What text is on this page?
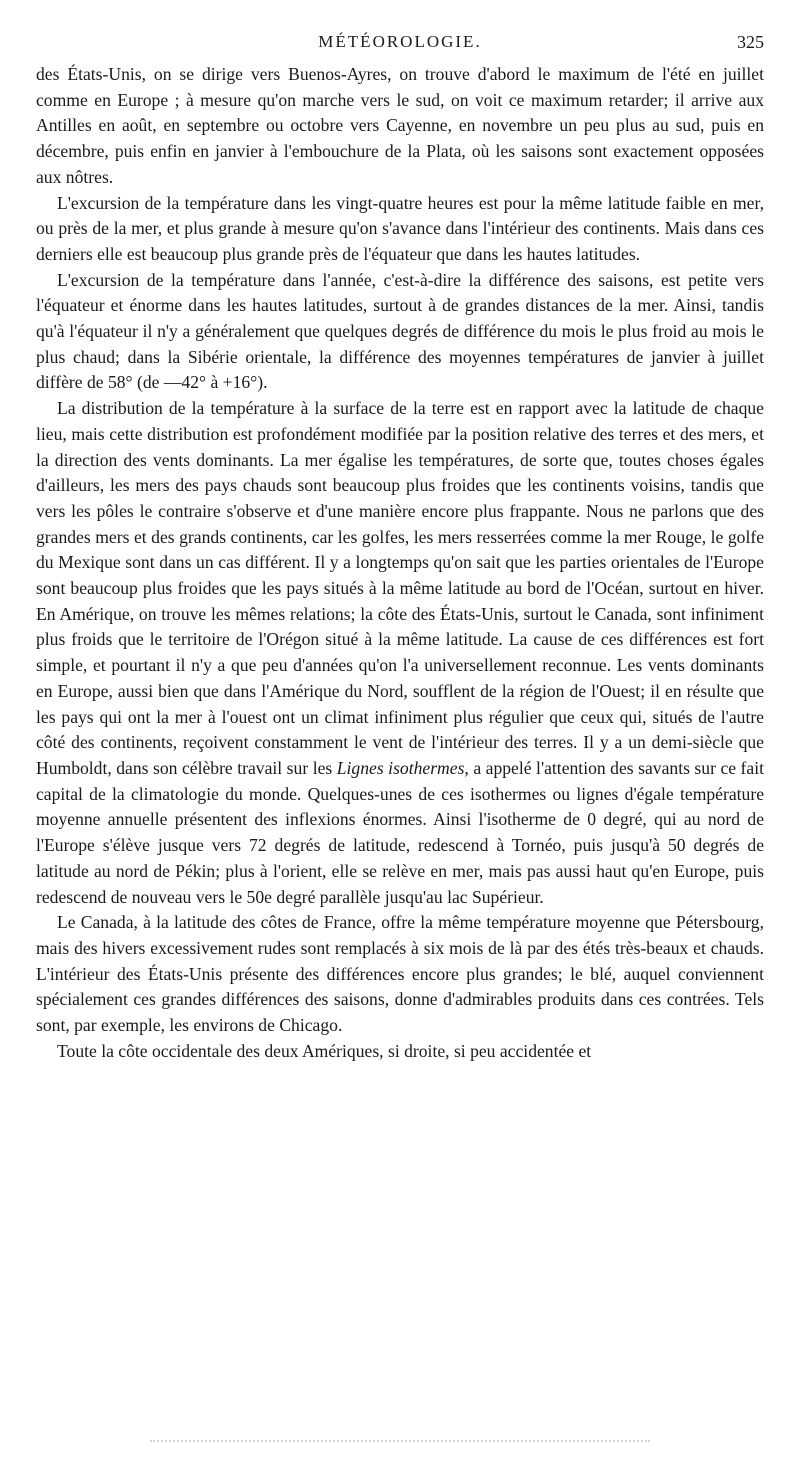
MÉTÉOROLOGIE.	325

des États-Unis, on se dirige vers Buenos-Ayres, on trouve d'abord le maximum de l'été en juillet comme en Europe ; à mesure qu'on marche vers le sud, on voit ce maximum retarder; il arrive aux Antilles en août, en septembre ou octobre vers Cayenne, en novembre un peu plus au sud, puis en décembre, puis enfin en janvier à l'embouchure de la Plata, où les saisons sont exactement opposées aux nôtres.

L'excursion de la température dans les vingt-quatre heures est pour la même latitude faible en mer, ou près de la mer, et plus grande à mesure qu'on s'avance dans l'intérieur des continents. Mais dans ces derniers elle est beaucoup plus grande près de l'équateur que dans les hautes latitudes.

L'excursion de la température dans l'année, c'est-à-dire la différence des saisons, est petite vers l'équateur et énorme dans les hautes latitudes, surtout à de grandes distances de la mer. Ainsi, tandis qu'à l'équateur il n'y a généralement que quelques degrés de différence du mois le plus froid au mois le plus chaud; dans la Sibérie orientale, la différence des moyennes températures de janvier à juillet diffère de 58° (de —42° à +16°).

La distribution de la température à la surface de la terre est en rapport avec la latitude de chaque lieu, mais cette distribution est profondément modifiée par la position relative des terres et des mers, et la direction des vents dominants. La mer égalise les températures, de sorte que, toutes choses égales d'ailleurs, les mers des pays chauds sont beaucoup plus froides que les continents voisins, tandis que vers les pôles le contraire s'observe et d'une manière encore plus frappante. Nous ne parlons que des grandes mers et des grands continents, car les golfes, les mers resserrées comme la mer Rouge, le golfe du Mexique sont dans un cas différent. Il y a longtemps qu'on sait que les parties orientales de l'Europe sont beaucoup plus froides que les pays situés à la même latitude au bord de l'Océan, surtout en hiver. En Amérique, on trouve les mêmes relations; la côte des États-Unis, surtout le Canada, sont infiniment plus froids que le territoire de l'Orégon situé à la même latitude. La cause de ces différences est fort simple, et pourtant il n'y a que peu d'années qu'on l'a universellement reconnue. Les vents dominants en Europe, aussi bien que dans l'Amérique du Nord, soufflent de la région de l'Ouest; il en résulte que les pays qui ont la mer à l'ouest ont un climat infiniment plus régulier que ceux qui, situés de l'autre côté des continents, reçoivent constamment le vent de l'intérieur des terres. Il y a un demi-siècle que Humboldt, dans son célèbre travail sur les Lignes isothermes, a appelé l'attention des savants sur ce fait capital de la climatologie du monde. Quelques-unes de ces isothermes ou lignes d'égale température moyenne annuelle présentent des inflexions énormes. Ainsi l'isotherme de 0 degré, qui au nord de l'Europe s'élève jusque vers 72 degrés de latitude, redescend à Tornéo, puis jusqu'à 50 degrés de latitude au nord de Pékin; plus à l'orient, elle se relève en mer, mais pas aussi haut qu'en Europe, puis redescend de nouveau vers le 50e degré parallèle jusqu'au lac Supérieur.

Le Canada, à la latitude des côtes de France, offre la même température moyenne que Pétersbourg, mais des hivers excessivement rudes sont remplacés à six mois de là par des étés très-beaux et chauds. L'intérieur des États-Unis présente des différences encore plus grandes; le blé, auquel conviennent spécialement ces grandes différences des saisons, donne d'admirables produits dans ces contrées. Tels sont, par exemple, les environs de Chicago.

Toute la côte occidentale des deux Amériques, si droite, si peu accidentée et
